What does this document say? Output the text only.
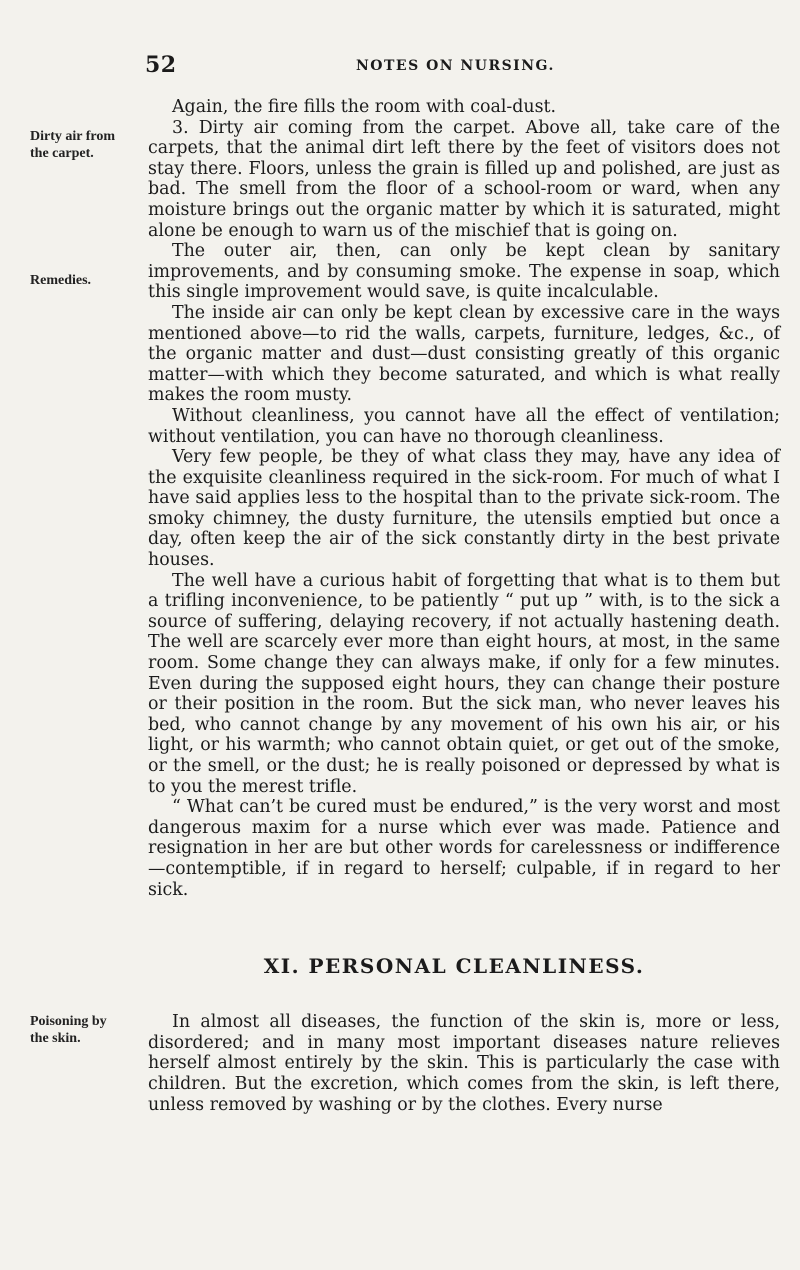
52	NOTES ON NURSING.
Dirty air from
the carpet.
Remedies.
Poisoning by
the skin.

Again, the fire fills the room with coal-dust.

3. Dirty air coming from the carpet. Above all, take care of the carpets, that the animal dirt left there by the feet of visitors does not stay there. Floors, unless the grain is filled up and polished, are just as bad. The smell from the floor of a school-room or ward, when any moisture brings out the organic matter by which it is saturated, might alone be enough to warn us of the mischief that is going on.

The outer air, then, can only be kept clean by sanitary improvements, and by consuming smoke. The expense in soap, which this single improvement would save, is quite incalculable.

The inside air can only be kept clean by excessive care in the ways mentioned above—to rid the walls, carpets, furniture, ledges, &c., of the organic matter and dust—dust consisting greatly of this organic matter—with which they become saturated, and which is what really makes the room musty.

Without cleanliness, you cannot have all the effect of ventilation; without ventilation, you can have no thorough cleanliness.

Very few people, be they of what class they may, have any idea of the exquisite cleanliness required in the sick-room. For much of what I have said applies less to the hospital than to the private sick-room. The smoky chimney, the dusty furniture, the utensils emptied but once a day, often keep the air of the sick constantly dirty in the best private houses.

The well have a curious habit of forgetting that what is to them but a trifling inconvenience, to be patiently “ put up ” with, is to the sick a source of suffering, delaying recovery, if not actually hastening death. The well are scarcely ever more than eight hours, at most, in the same room. Some change they can always make, if only for a few minutes. Even during the supposed eight hours, they can change their posture or their position in the room. But the sick man, who never leaves his bed, who cannot change by any movement of his own his air, or his light, or his warmth; who cannot obtain quiet, or get out of the smoke, or the smell, or the dust; he is really poisoned or depressed by what is to you the merest trifle.

“ What can’t be cured must be endured,” is the very worst and most dangerous maxim for a nurse which ever was made. Patience and resignation in her are but other words for carelessness or indifference—contemptible, if in regard to herself; culpable, if in regard to her sick.

XI. PERSONAL CLEANLINESS.

In almost all diseases, the function of the skin is, more or less, disordered; and in many most important diseases nature relieves herself almost entirely by the skin. This is particularly the case with children. But the excretion, which comes from the skin, is left there, unless removed by washing or by the clothes. Every nurse
